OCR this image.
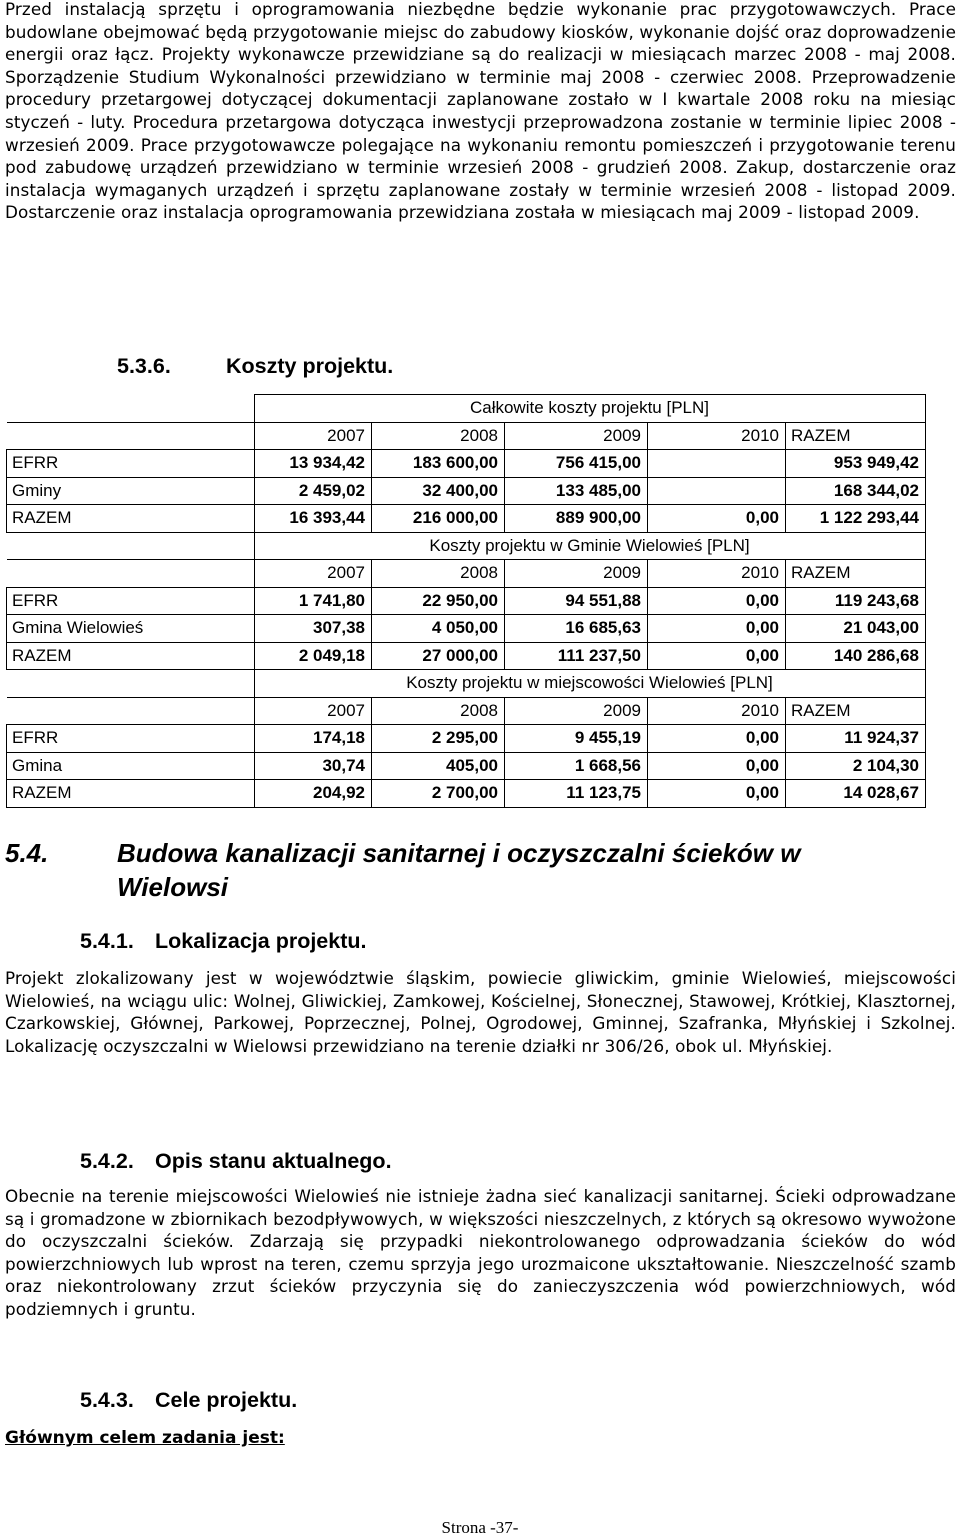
Przed instalacją sprzętu i oprogramowania niezbędne będzie wykonanie prac przygotowawczych. Prace budowlane obejmować będą przygotowanie miejsc do zabudowy kiosków, wykonanie dojść oraz doprowadzenie energii oraz łącz. Projekty wykonawcze przewidziane są do realizacji w miesiącach marzec 2008 - maj 2008. Sporządzenie Studium Wykonalności przewidziano w terminie maj 2008 - czerwiec 2008. Przeprowadzenie procedury przetargowej dotyczącej dokumentacji zaplanowane zostało w I kwartale 2008 roku na miesiąc styczeń - luty. Procedura przetargowa dotycząca inwestycji przeprowadzona zostanie w terminie lipiec 2008 - wrzesień 2009. Prace przygotowawcze polegające na wykonaniu remontu pomieszczeń i przygotowanie terenu pod zabudowę urządzeń przewidziano w terminie wrzesień 2008 - grudzień 2008. Zakup, dostarczenie oraz instalacja wymaganych urządzeń i sprzętu zaplanowane zostały w terminie wrzesień 2008 - listopad 2009. Dostarczenie oraz instalacja oprogramowania przewidziana została w miesiącach maj 2009 - listopad 2009.

5.3.6.	Koszty projektu.
	Całkowite koszty projektu [PLN]				
	2007	2008	2009	2010	RAZEM
EFRR	13 934,42	183 600,00	756 415,00		953 949,42
Gminy	2 459,02	32 400,00	133 485,00		168 344,02
RAZEM	16 393,44	216 000,00	889 900,00	0,00	1 122 293,44
	Koszty projektu w Gminie Wielowieś [PLN]				
	2007	2008	2009	2010	RAZEM
EFRR	1 741,80	22 950,00	94 551,88	0,00	119 243,68
Gmina Wielowieś	307,38	4 050,00	16 685,63	0,00	21 043,00
RAZEM	2 049,18	27 000,00	111 237,50	0,00	140 286,68
	Koszty projektu w miejscowości Wielowieś [PLN]				
	2007	2008	2009	2010	RAZEM
EFRR	174,18	2 295,00	9 455,19	0,00	11 924,37
Gmina	30,74	405,00	1 668,56	0,00	2 104,30
RAZEM	204,92	2 700,00	11 123,75	0,00	14 028,67
5.4.	Budowa kanalizacji sanitarnej i oczyszczalni ścieków w
Wielowsi
5.4.1. Lokalizacja projektu.

Projekt zlokalizowany jest w województwie śląskim, powiecie gliwickim, gminie Wielowieś, miejscowości Wielowieś, na wciągu ulic: Wolnej, Gliwickiej, Zamkowej, Kościelnej, Słonecznej, Stawowej, Krótkiej, Klasztornej, Czarkowskiej, Głównej, Parkowej, Poprzecznej, Polnej, Ogrodowej, Gminnej, Szafranka, Młyńskiej i Szkolnej. Lokalizację oczyszczalni w Wielowsi przewidziano na terenie działki nr 306/26, obok ul. Młyńskiej.

5.4.2. Opis stanu aktualnego.

Obecnie na terenie miejscowości Wielowieś nie istnieje żadna sieć kanalizacji sanitarnej. Ścieki odprowadzane są i gromadzone w zbiornikach bezodpływowych, w większości nieszczelnych, z których są okresowo wywożone do oczyszczalni ścieków. Zdarzają się przypadki niekontrolowanego odprowadzania ścieków do wód powierzchniowych lub wprost na teren, czemu sprzyja jego urozmaicone ukształtowanie. Nieszczelność szamb oraz niekontrolowany zrzut ścieków przyczynia się do zanieczyszczenia wód powierzchniowych, wód podziemnych i gruntu.

5.4.3. Cele projektu.
Głównym celem zadania jest:
Strona -37-
